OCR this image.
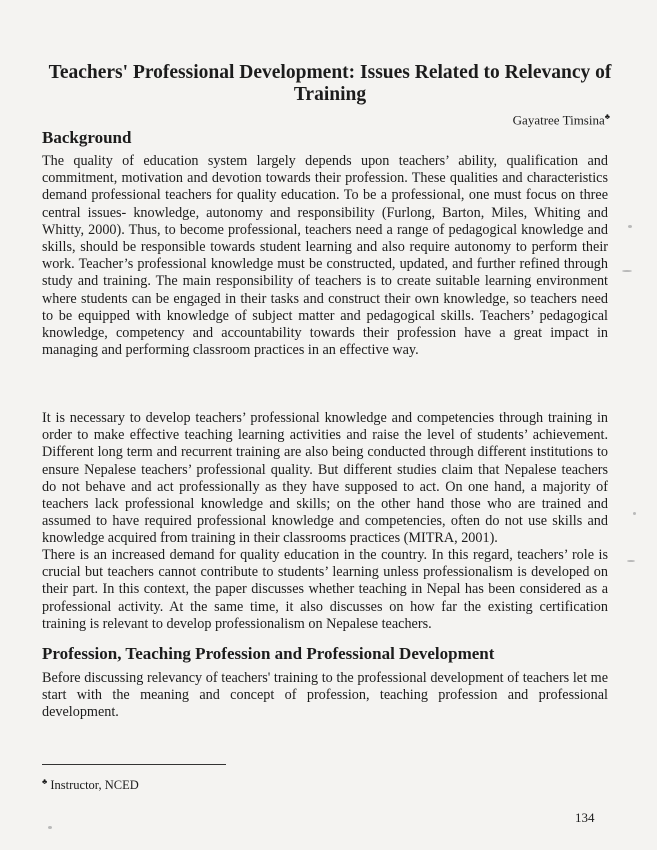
Teachers' Professional Development: Issues Related to Relevancy of Training
Gayatree Timsina♣
Background

The quality of education system largely depends upon teachers’ ability, qualification and commitment, motivation and devotion towards their profession. These qualities and characteristics demand professional teachers for quality education. To be a professional, one must focus on three central issues- knowledge, autonomy and responsibility (Furlong, Barton, Miles, Whiting and Whitty, 2000). Thus, to become professional, teachers need a range of pedagogical knowledge and skills, should be responsible towards student learning and also require autonomy to perform their work. Teacher’s professional knowledge must be constructed, updated, and further refined through study and training. The main responsibility of teachers is to create suitable learning environment where students can be engaged in their tasks and construct their own knowledge, so teachers need to be equipped with knowledge of subject matter and pedagogical skills. Teachers’ pedagogical knowledge, competency and accountability towards their profession have a great impact in managing and performing classroom practices in an effective way.

It is necessary to develop teachers’ professional knowledge and competencies through training in order to make effective teaching learning activities and raise the level of students’ achievement. Different long term and recurrent training are also being conducted through different institutions to ensure Nepalese teachers’ professional quality. But different studies claim that Nepalese teachers do not behave and act professionally as they have supposed to act. On one hand, a majority of teachers lack professional knowledge and skills; on the other hand those who are trained and assumed to have required professional knowledge and competencies, often do not use skills and knowledge acquired from training in their classrooms practices (MITRA, 2001).

There is an increased demand for quality education in the country. In this regard, teachers’ role is crucial but teachers cannot contribute to students’ learning unless professionalism is developed on their part. In this context, the paper discusses whether teaching in Nepal has been considered as a professional activity. At the same time, it also discusses on how far the existing certification training is relevant to develop professionalism on Nepalese teachers.

Profession, Teaching Profession and Professional Development

Before discussing relevancy of teachers' training to the professional development of teachers let me start with the meaning and concept of profession, teaching profession and professional development.

♣ Instructor, NCED
134
